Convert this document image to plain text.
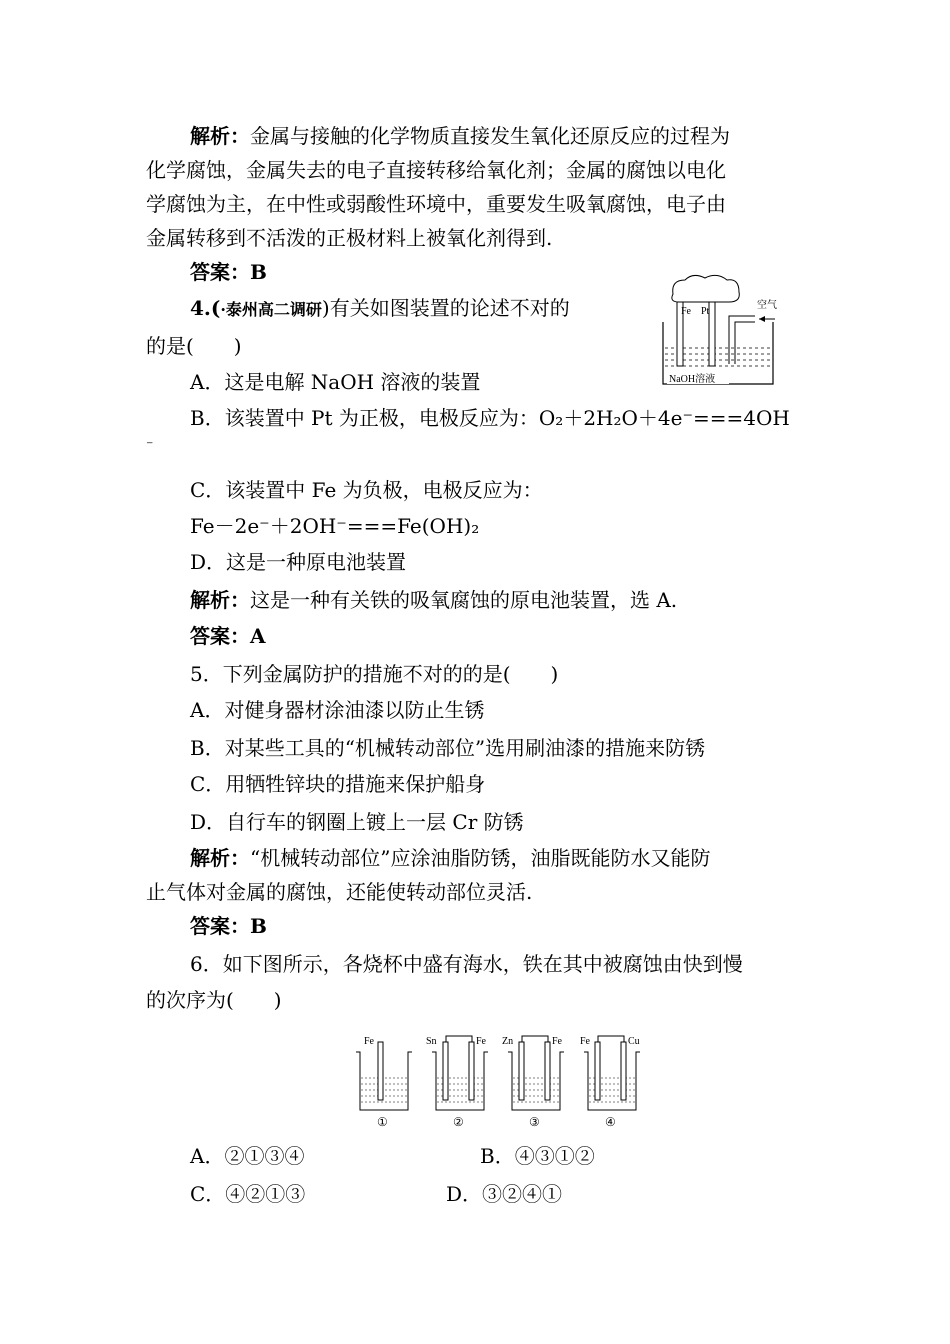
解析：金属与接触的化学物质直接发生氧化还原反应的过程为
化学腐蚀，金属失去的电子直接转移给氧化剂；金属的腐蚀以电化
学腐蚀为主，在中性或弱酸性环境中，重要发生吸氧腐蚀，电子由
金属转移到不活泼的正极材料上被氧化剂得到.
答案：B
4.(·泰州高二调研)有关如图装置的论述不对的
的是(　　)
Fe Pt
空气
NaOH溶液
A．这是电解 NaOH 溶液的装置
B．该装置中 Pt 为正极，电极反应为：O₂＋2H₂O＋4e⁻===4OH
⁻
C．该装置中 Fe 为负极，电极反应为：
Fe－2e⁻＋2OH⁻===Fe(OH)₂
D．这是一种原电池装置
解析：这是一种有关铁的吸氧腐蚀的原电池装置，选 A.
答案：A
5．下列金属防护的措施不对的的是(　　)
A．对健身器材涂油漆以防止生锈
B．对某些工具的“机械转动部位”选用刷油漆的措施来防锈
C．用牺牲锌块的措施来保护船身
D．自行车的钢圈上镀上一层 Cr 防锈
解析：“机械转动部位”应涂油脂防锈，油脂既能防水又能防
止气体对金属的腐蚀，还能使转动部位灵活.
答案：B
6．如下图所示，各烧杯中盛有海水，铁在其中被腐蚀由快到慢
的次序为(　　)
Fe
①
Sn	Fe
②
Zn	Fe
③
Fe	Cu
④
A．②①③④	B．④③①②
C．④②①③	D．③②④①
